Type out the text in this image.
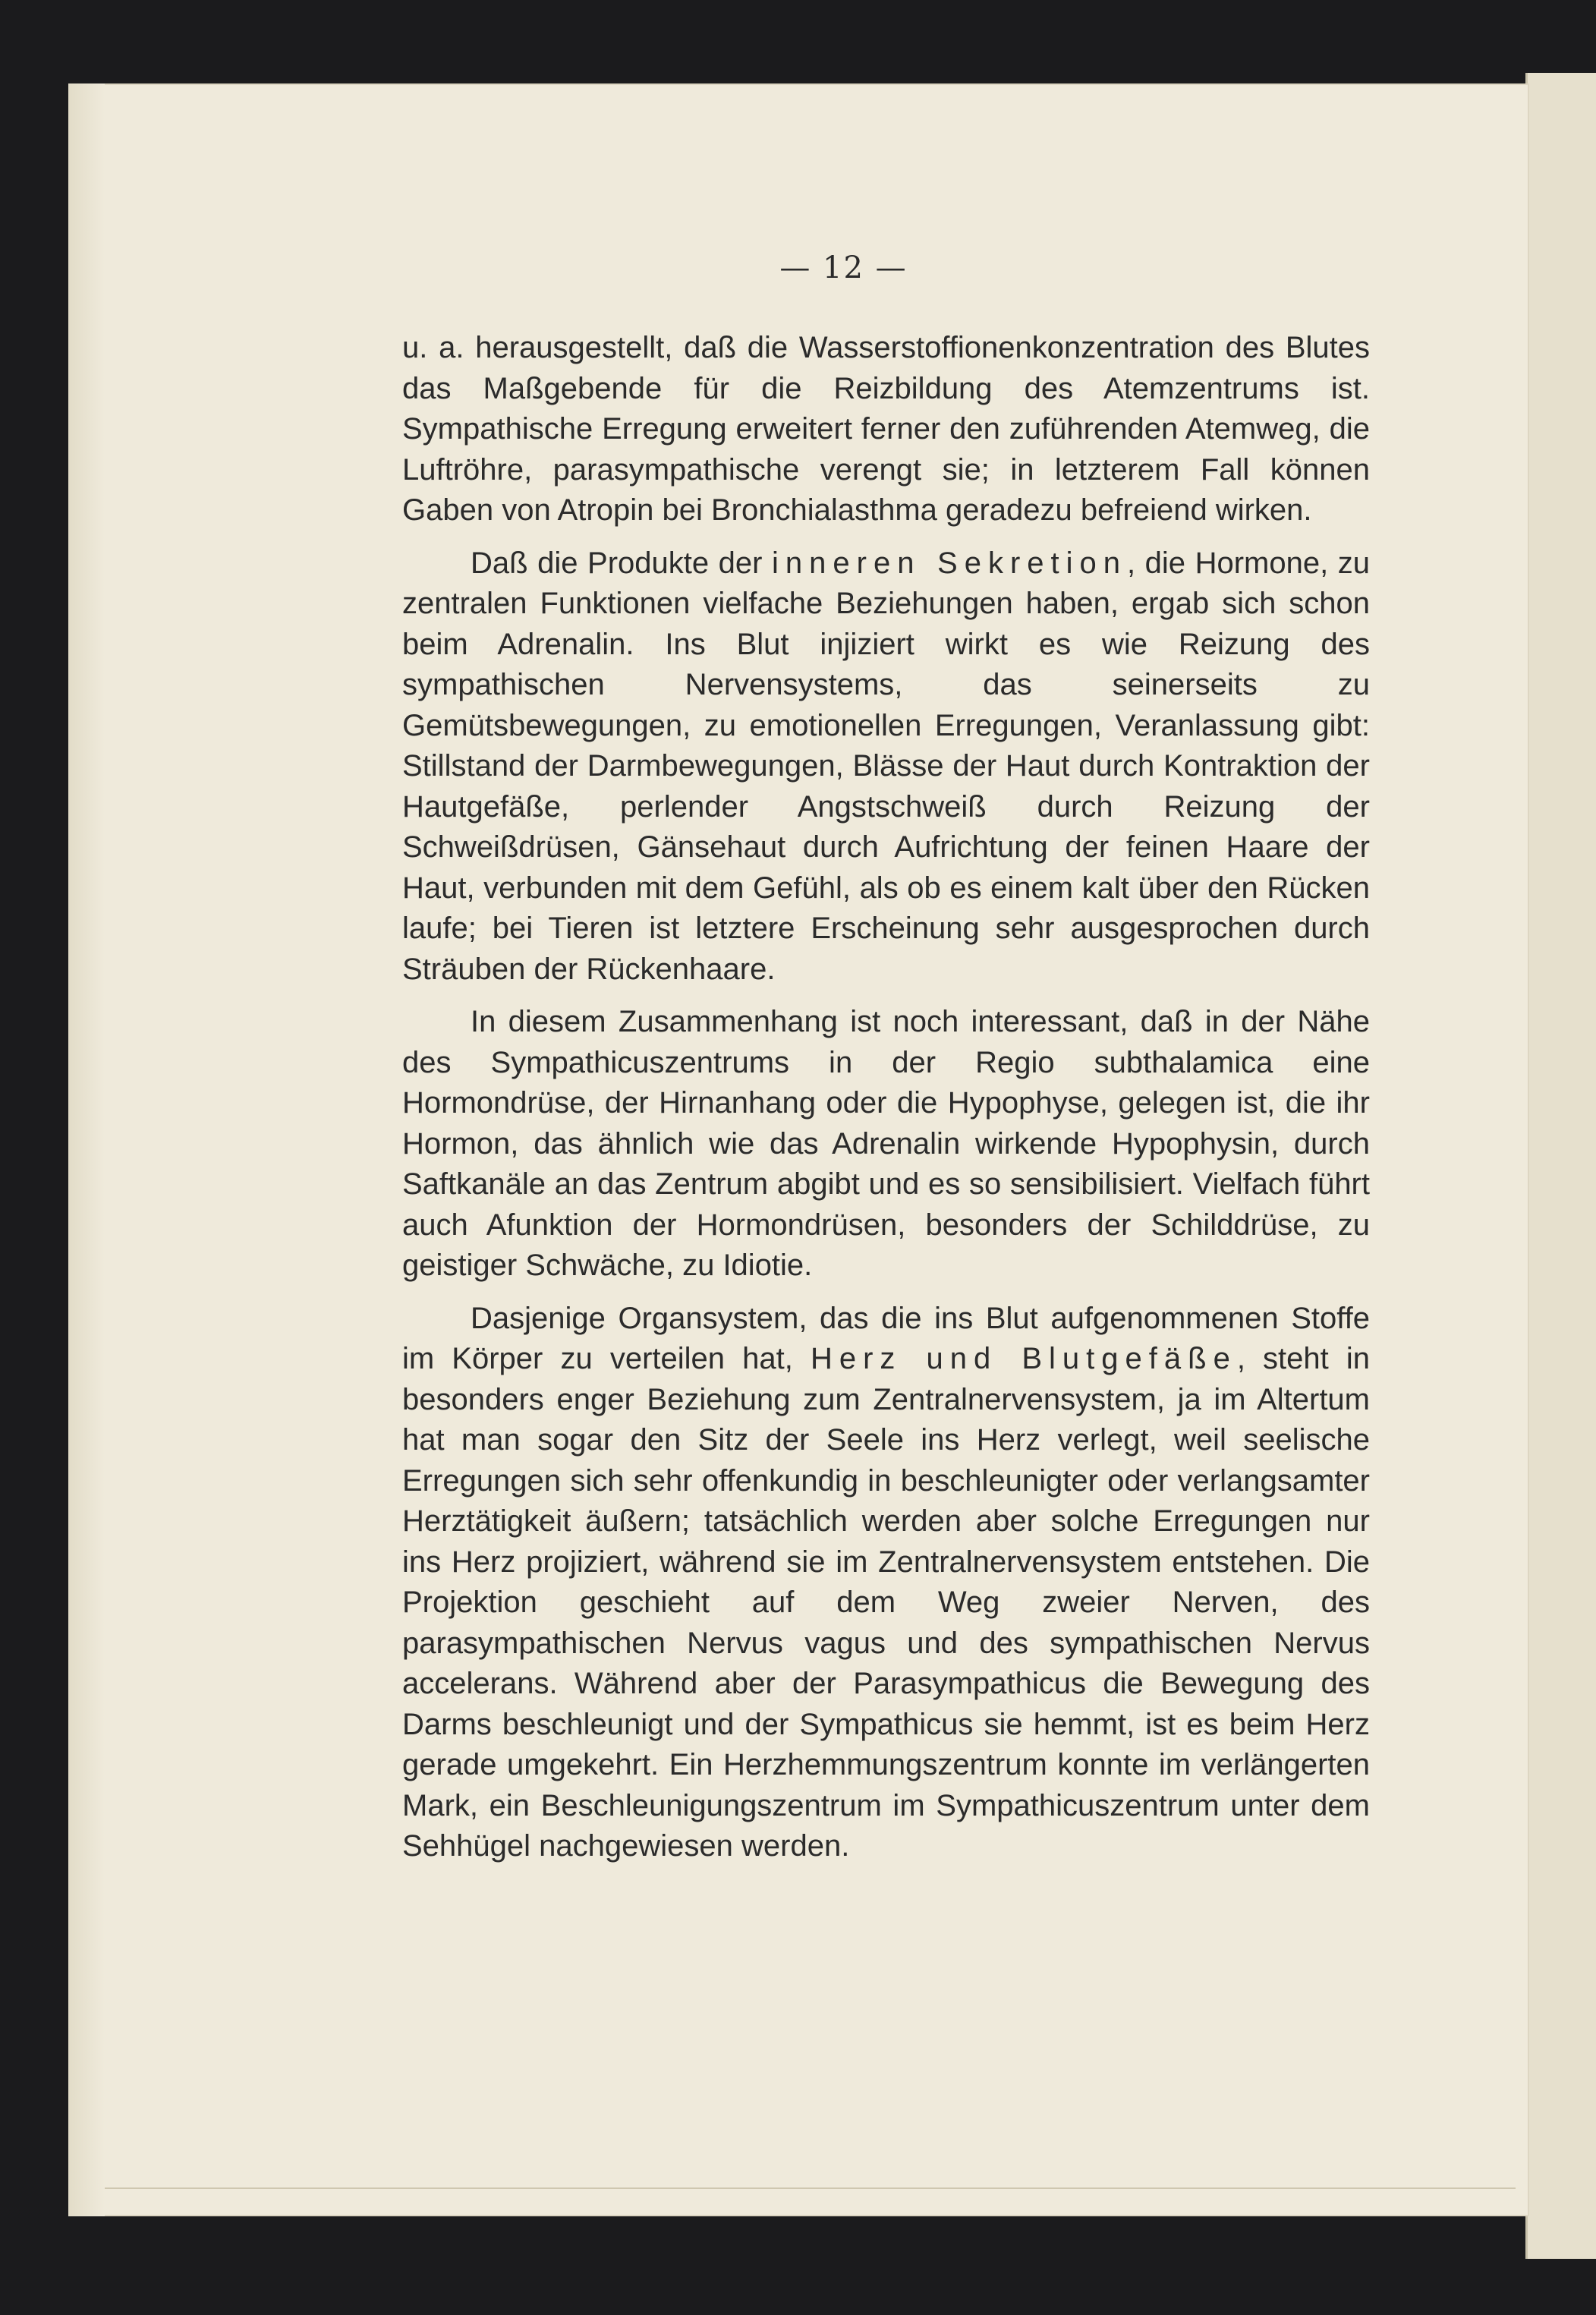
— 12 —

u. a. herausgestellt, daß die Wasserstoffionenkonzentration des Blutes das Maßgebende für die Reizbildung des Atemzentrums ist. Sympathische Erregung erweitert ferner den zuführenden Atemweg, die Luftröhre, parasympathische verengt sie; in letzterem Fall können Gaben von Atropin bei Bronchialasthma geradezu befreiend wirken.

Daß die Produkte der inneren Sekretion, die Hormone, zu zentralen Funktionen vielfache Beziehungen haben, ergab sich schon beim Adrenalin. Ins Blut injiziert wirkt es wie Reizung des sympathischen Nervensystems, das seinerseits zu Gemütsbewegungen, zu emotionellen Erregungen, Veranlassung gibt: Stillstand der Darmbewegungen, Blässe der Haut durch Kontraktion der Hautgefäße, perlender Angstschweiß durch Reizung der Schweißdrüsen, Gänsehaut durch Aufrichtung der feinen Haare der Haut, verbunden mit dem Gefühl, als ob es einem kalt über den Rücken laufe; bei Tieren ist letztere Erscheinung sehr ausgesprochen durch Sträuben der Rückenhaare.

In diesem Zusammenhang ist noch interessant, daß in der Nähe des Sympathicuszentrums in der Regio subthalamica eine Hormondrüse, der Hirnanhang oder die Hypophyse, gelegen ist, die ihr Hormon, das ähnlich wie das Adrenalin wirkende Hypophysin, durch Saftkanäle an das Zentrum abgibt und es so sensibilisiert. Vielfach führt auch Afunktion der Hormondrüsen, besonders der Schilddrüse, zu geistiger Schwäche, zu Idiotie.

Dasjenige Organsystem, das die ins Blut aufgenommenen Stoffe im Körper zu verteilen hat, Herz und Blutgefäße, steht in besonders enger Beziehung zum Zentralnervensystem, ja im Altertum hat man sogar den Sitz der Seele ins Herz verlegt, weil seelische Erregungen sich sehr offenkundig in beschleunigter oder verlangsamter Herztätigkeit äußern; tatsächlich werden aber solche Erregungen nur ins Herz projiziert, während sie im Zentralnervensystem entstehen. Die Projektion geschieht auf dem Weg zweier Nerven, des parasympathischen Nervus vagus und des sympathischen Nervus accelerans. Während aber der Parasympathicus die Bewegung des Darms beschleunigt und der Sympathicus sie hemmt, ist es beim Herz gerade umgekehrt. Ein Herzhemmungszentrum konnte im verlängerten Mark, ein Beschleunigungszentrum im Sympathicuszentrum unter dem Sehhügel nachgewiesen werden.
